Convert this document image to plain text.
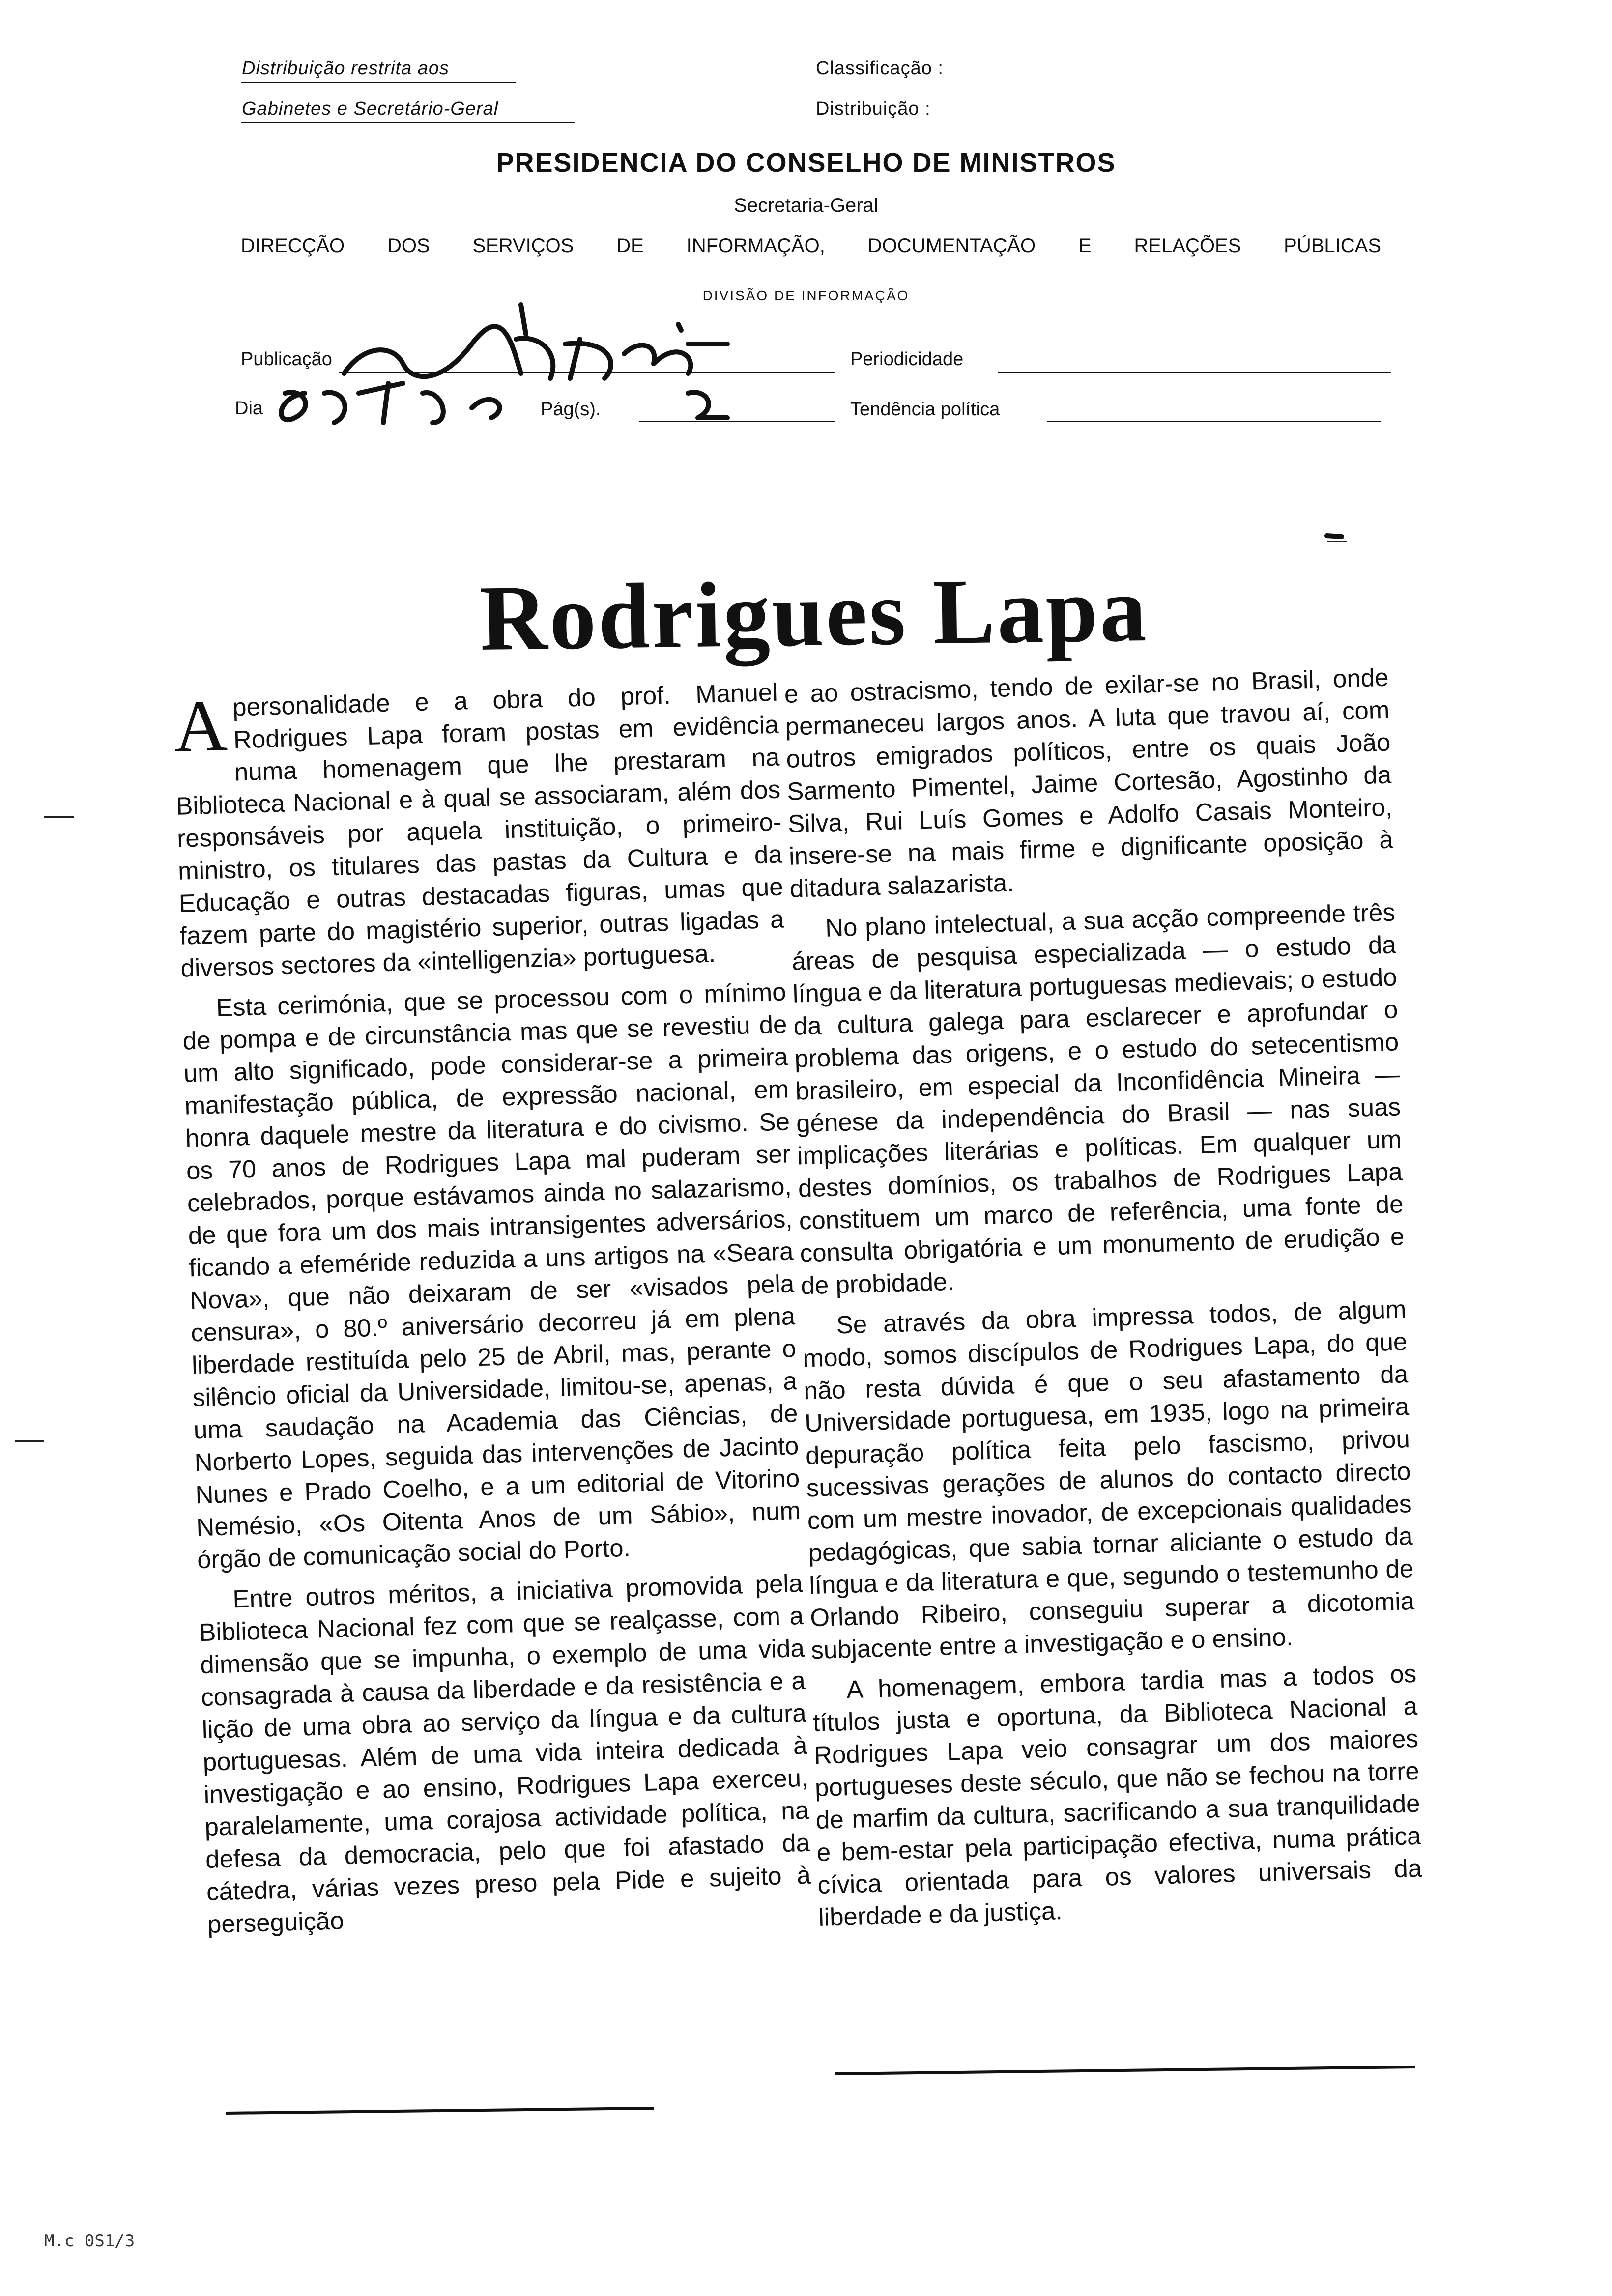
Distribuição restrita aos
Gabinetes e Secretário-Geral
Classificação :
Distribuição :
PRESIDENCIA DO CONSELHO DE MINISTROS
Secretaria-Geral
DIRECÇÃO DOS SERVIÇOS DE INFORMAÇÃO, DOCUMENTAÇÃO E RELAÇÕES PÚBLICAS
DIVISÃO DE INFORMAÇÃO
Publicação	Periodicidade
Dia	Pág(s).	Tendência política
Rodrigues Lapa

Apersonalidade e a obra do prof. Manuel Rodrigues Lapa foram postas em evidência numa homenagem que lhe prestaram na Biblioteca Nacional e à qual se associaram, além dos responsáveis por aquela instituição, o primeiro-ministro, os titulares das pastas da Cultura e da Educação e outras destacadas figuras, umas que fazem parte do magistério superior, outras ligadas a diversos sectores da «intelligenzia» portuguesa.

Esta cerimónia, que se processou com o mínimo de pompa e de circunstância mas que se revestiu de um alto significado, pode considerar-se a primeira manifestação pública, de expressão nacional, em honra daquele mestre da literatura e do civismo. Se os 70 anos de Rodrigues Lapa mal puderam ser celebrados, porque estávamos ainda no salazarismo, de que fora um dos mais intransigentes adversários, ficando a efeméride reduzida a uns artigos na «Seara Nova», que não deixaram de ser «visados pela censura», o 80.º aniversário decorreu já em plena liberdade restituída pelo 25 de Abril, mas, perante o silêncio oficial da Universidade, limitou-se, apenas, a uma saudação na Academia das Ciências, de Norberto Lopes, seguida das intervenções de Jacinto Nunes e Prado Coelho, e a um editorial de Vitorino Nemésio, «Os Oitenta Anos de um Sábio», num órgão de comunicação social do Porto.

Entre outros méritos, a iniciativa promovida pela Biblioteca Nacional fez com que se realçasse, com a dimensão que se impunha, o exemplo de uma vida consagrada à causa da liberdade e da resistência e a lição de uma obra ao serviço da língua e da cultura portuguesas. Além de uma vida inteira dedicada à investigação e ao ensino, Rodrigues Lapa exerceu, paralelamente, uma corajosa actividade política, na defesa da democracia, pelo que foi afastado da cátedra, várias vezes preso pela Pide e sujeito à perseguição

e ao ostracismo, tendo de exilar-se no Brasil, onde permaneceu largos anos. A luta que travou aí, com outros emigrados políticos, entre os quais João Sarmento Pimentel, Jaime Cortesão, Agostinho da Silva, Rui Luís Gomes e Adolfo Casais Monteiro, insere-se na mais firme e dignificante oposição à ditadura salazarista.

No plano intelectual, a sua acção compreende três áreas de pesquisa especializada — o estudo da língua e da literatura portuguesas medievais; o estudo da cultura galega para esclarecer e aprofundar o problema das origens, e o estudo do setecentismo brasileiro, em especial da Inconfidência Mineira — génese da independência do Brasil — nas suas implicações literárias e políticas. Em qualquer um destes domínios, os trabalhos de Rodrigues Lapa constituem um marco de referência, uma fonte de consulta obrigatória e um monumento de erudição e de probidade.

Se através da obra impressa todos, de algum modo, somos discípulos de Rodrigues Lapa, do que não resta dúvida é que o seu afastamento da Universidade portuguesa, em 1935, logo na primeira depuração política feita pelo fascismo, privou sucessivas gerações de alunos do contacto directo com um mestre inovador, de excepcionais qualidades pedagógicas, que sabia tornar aliciante o estudo da língua e da literatura e que, segundo o testemunho de Orlando Ribeiro, conseguiu superar a dicotomia subjacente entre a investigação e o ensino.

A homenagem, embora tardia mas a todos os títulos justa e oportuna, da Biblioteca Nacional a Rodrigues Lapa veio consagrar um dos maiores portugueses deste século, que não se fechou na torre de marfim da cultura, sacrificando a sua tranquilidade e bem-estar pela participação efectiva, numa prática cívica orientada para os valores universais da liberdade e da justiça.

M.c 0S1/3
